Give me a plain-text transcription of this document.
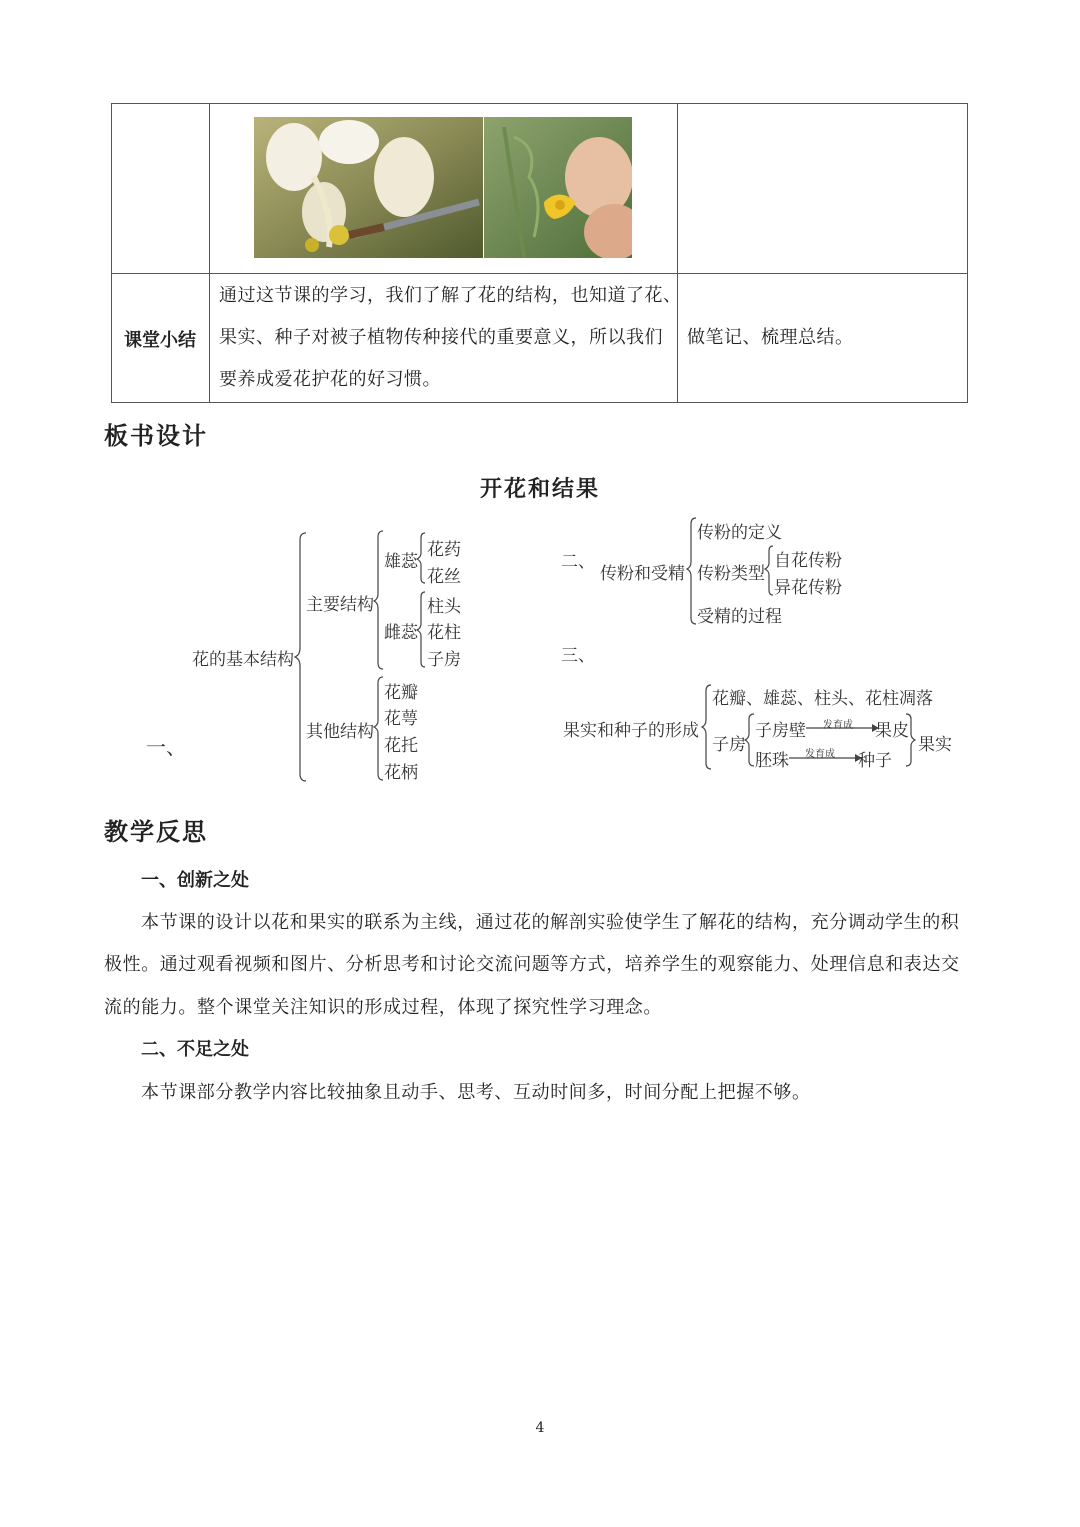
课堂小结
通过这节课的学习，我们了解了花的结构，也知道了花、
果实、种子对被子植物传种接代的重要意义，所以我们
要养成爱花护花的好习惯。
做笔记、梳理总结。
板书设计
开花和结果
一、
花的基本结构
主要结构
雄蕊
花药
花丝
雌蕊
柱头
花柱
子房
其他结构
花瓣
花萼
花托
花柄
二、
传粉和受精
传粉的定义
传粉类型
受精的过程
自花传粉
异花传粉
三、
果实和种子的形成
花瓣、雄蕊、柱头、花柱凋落
子房
子房壁 发育成 果皮
胚珠 发育成 种子
果实
教学反思
一、创新之处
本节课的设计以花和果实的联系为主线，通过花的解剖实验使学生了解花的结构，充分调动学生的积
极性。通过观看视频和图片、分析思考和讨论交流问题等方式，培养学生的观察能力、处理信息和表达交
流的能力。整个课堂关注知识的形成过程，体现了探究性学习理念。
二、不足之处
本节课部分教学内容比较抽象且动手、思考、互动时间多，时间分配上把握不够。
4
